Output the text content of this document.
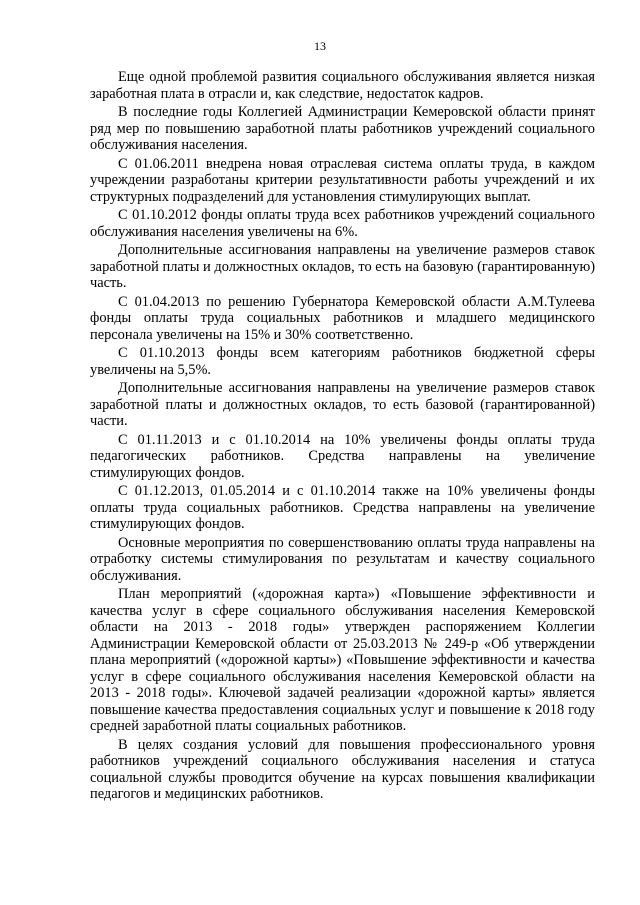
13

Еще одной проблемой развития социального обслуживания является низкая заработная плата в отрасли и, как следствие, недостаток кадров.

В последние годы Коллегией Администрации Кемеровской области принят ряд мер по повышению заработной платы работников учреждений социального обслуживания населения.

С 01.06.2011 внедрена новая отраслевая система оплаты труда, в каждом учреждении разработаны критерии результативности работы учреждений и их структурных подразделений для установления стимулирующих выплат.

С 01.10.2012 фонды оплаты труда всех работников учреждений социального обслуживания населения увеличены на 6%.

Дополнительные ассигнования направлены на увеличение размеров ставок заработной платы и должностных окладов, то есть на базовую (гарантированную) часть.

С 01.04.2013 по решению Губернатора Кемеровской области А.М.Тулеева фонды оплаты труда социальных работников и младшего медицинского персонала увеличены на 15% и 30% соответственно.

С 01.10.2013 фонды всем категориям работников бюджетной сферы увеличены на 5,5%.

Дополнительные ассигнования направлены на увеличение размеров ставок заработной платы и должностных окладов, то есть базовой (гарантированной) части.

С 01.11.2013 и с 01.10.2014 на 10% увеличены фонды оплаты труда педагогических работников. Средства направлены на увеличение стимулирующих фондов.

С 01.12.2013, 01.05.2014 и с 01.10.2014 также на 10% увеличены фонды оплаты труда социальных работников. Средства направлены на увеличение стимулирующих фондов.

Основные мероприятия по совершенствованию оплаты труда направлены на отработку системы стимулирования по результатам и качеству социального обслуживания.

План мероприятий («дорожная карта») «Повышение эффективности и качества услуг в сфере социального обслуживания населения Кемеровской области на 2013 - 2018 годы» утвержден распоряжением Коллегии Администрации Кемеровской области от 25.03.2013 № 249-р «Об утверждении плана мероприятий («дорожной карты») «Повышение эффективности и качества услуг в сфере социального обслуживания населения Кемеровской области на 2013 - 2018 годы». Ключевой задачей реализации «дорожной карты» является повышение качества предоставления социальных услуг и повышение к 2018 году средней заработной платы социальных работников.

В целях создания условий для повышения профессионального уровня работников учреждений социального обслуживания населения и статуса социальной службы проводится обучение на курсах повышения квалификации педагогов и медицинских работников.
